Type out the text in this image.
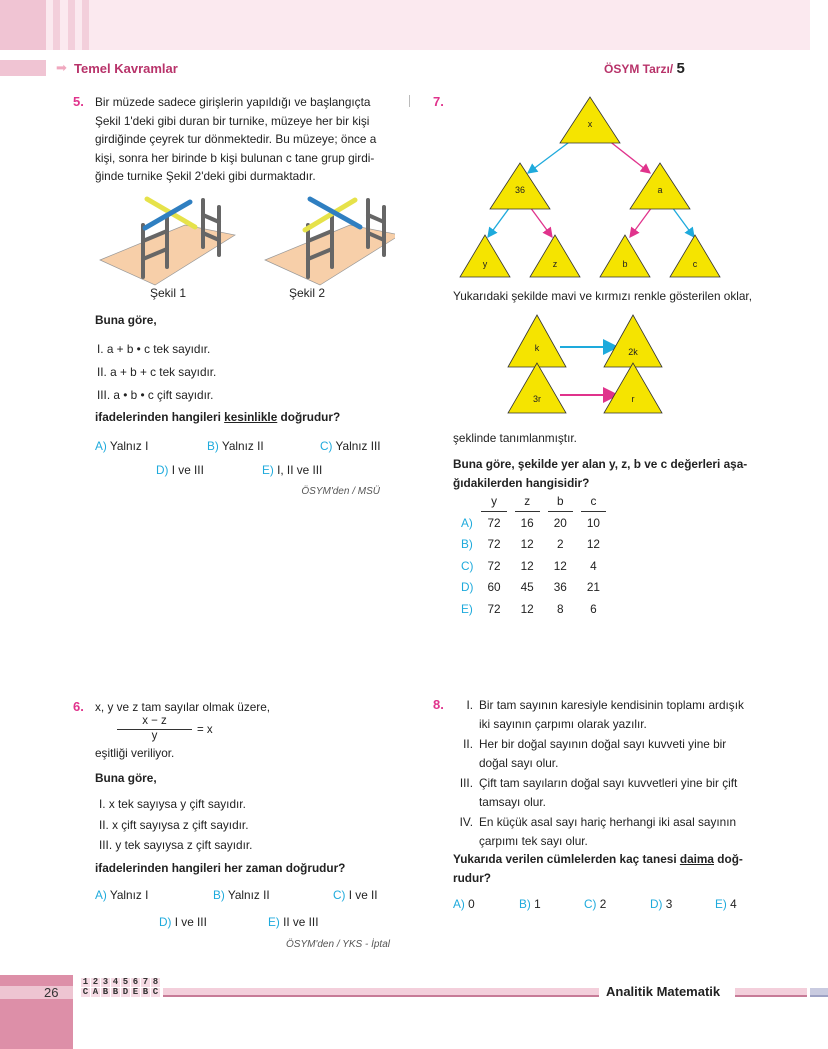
➡ Temel Kavramlar	ÖSYM Tarzı/ 5
5. Bir müzede sadece girişlerin yapıldığı ve başlangıçta
Şekil 1'deki gibi duran bir turnike, müzeye her bir kişi
girdiğinde çeyrek tur dönmektedir. Bu müzeye; önce a
kişi, sonra her birinde b kişi bulunan c tane grup girdi-
ğinde turnike Şekil 2'deki gibi durmaktadır.
Şekil 1	Şekil 2
Buna göre,
I. a + b • c tek sayıdır.
II. a + b + c tek sayıdır.
III. a • b • c çift sayıdır.
ifadelerinden hangileri kesinlikle doğrudur?
A) Yalnız I	B) Yalnız II	C) Yalnız III
D) I ve III	E) I, II ve III
ÖSYM'den / MSÜ
7.
x
36	a
y	z	b	c
k	2k
3r	r
Yukarıdaki şekilde mavi ve kırmızı renkle gösterilen oklar,
şeklinde tanımlanmıştır.
Buna göre, şekilde yer alan y, z, b ve c değerleri aşa-
ğıdakilerden hangisidir?
	y	z	b	c
A)	72	16	20	10
B)	72	12	2	12
C)	72	12	12	4
D)	60	45	36	21
E)	72	12	8	6
6. x, y ve z tam sayılar olmak üzere,
$\frac{x - z}{y} = x$
eşitliği veriliyor.
Buna göre,
I. x tek sayıysa y çift sayıdır.
II. x çift sayıysa z çift sayıdır.
III. y tek sayıysa z çift sayıdır.
ifadelerinden hangileri her zaman doğrudur?
A) Yalnız I	B) Yalnız II	C) I ve II
D) I ve III	E) II ve III
ÖSYM'den / YKS - İptal
8.	I. Bir tam sayının karesiyle kendisinin toplamı ardışık
iki sayının çarpımı olarak yazılır.
II. Her bir doğal sayının doğal sayı kuvveti yine bir
doğal sayı olur.
III. Çift tam sayıların doğal sayı kuvvetleri yine bir çift
tamsayı olur.
IV. En küçük asal sayı hariç herhangi iki asal sayının
çarpımı tek sayı olur.
Yukarıda verilen cümlelerden kaç tanesi daima doğ-
rudur?
A) 0	B) 1	C) 2	D) 3	E) 4
26
1	2	3	4	5	6	7	8
C	A	B	B	D	E	B	C	Analitik Matematik
